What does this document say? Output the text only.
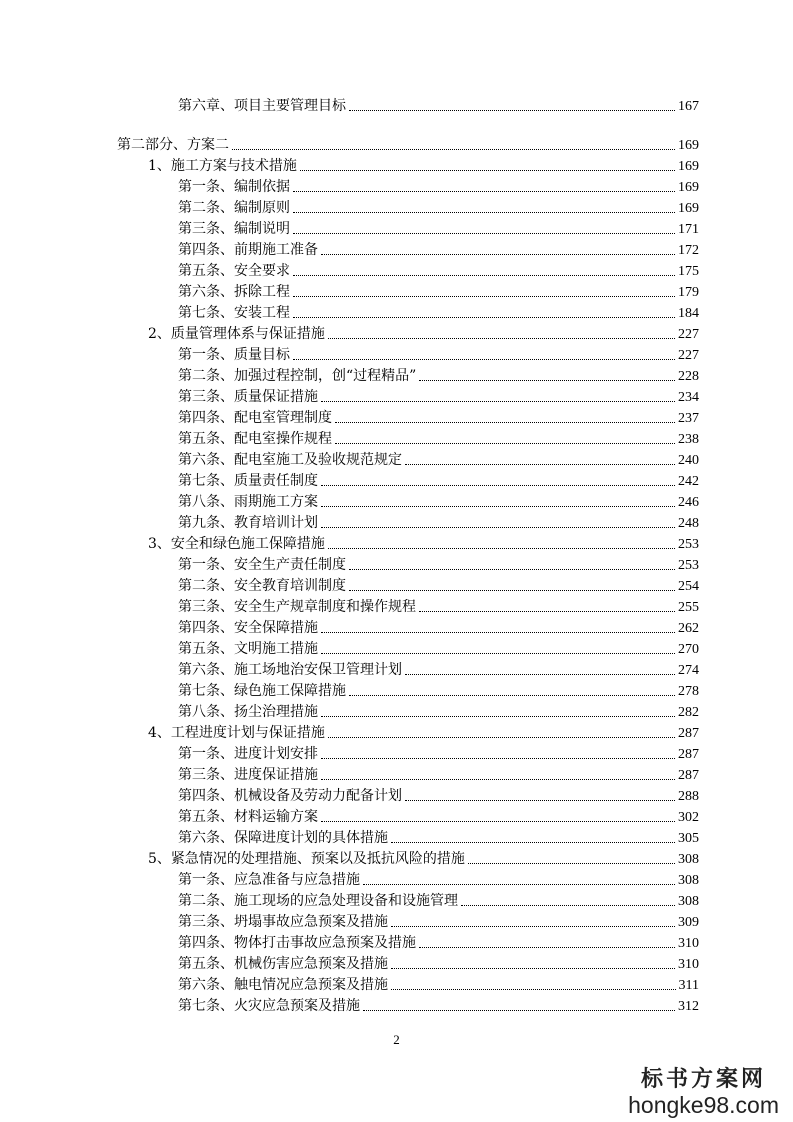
第六章、项目主要管理目标	167
第二部分、方案二	169
1、施工方案与技术措施	169
第一条、编制依据	169
第二条、编制原则	169
第三条、编制说明	171
第四条、前期施工准备	172
第五条、安全要求	175
第六条、拆除工程	179
第七条、安装工程	184
2、质量管理体系与保证措施	227
第一条、质量目标	227
第二条、加强过程控制，创“过程精品”	228
第三条、质量保证措施	234
第四条、配电室管理制度	237
第五条、配电室操作规程	238
第六条、配电室施工及验收规范规定	240
第七条、质量责任制度	242
第八条、雨期施工方案	246
第九条、教育培训计划	248
3、安全和绿色施工保障措施	253
第一条、安全生产责任制度	253
第二条、安全教育培训制度	254
第三条、安全生产规章制度和操作规程	255
第四条、安全保障措施	262
第五条、文明施工措施	270
第六条、施工场地治安保卫管理计划	274
第七条、绿色施工保障措施	278
第八条、扬尘治理措施	282
4、工程进度计划与保证措施	287
第一条、进度计划安排	287
第三条、进度保证措施	287
第四条、机械设备及劳动力配备计划	288
第五条、材料运输方案	302
第六条、保障进度计划的具体措施	305
5、紧急情况的处理措施、预案以及抵抗风险的措施	308
第一条、应急准备与应急措施	308
第二条、施工现场的应急处理设备和设施管理	308
第三条、坍塌事故应急预案及措施	309
第四条、物体打击事故应急预案及措施	310
第五条、机械伤害应急预案及措施	310
第六条、触电情况应急预案及措施	311
第七条、火灾应急预案及措施	312
2
标书方案网
hongke98.com
